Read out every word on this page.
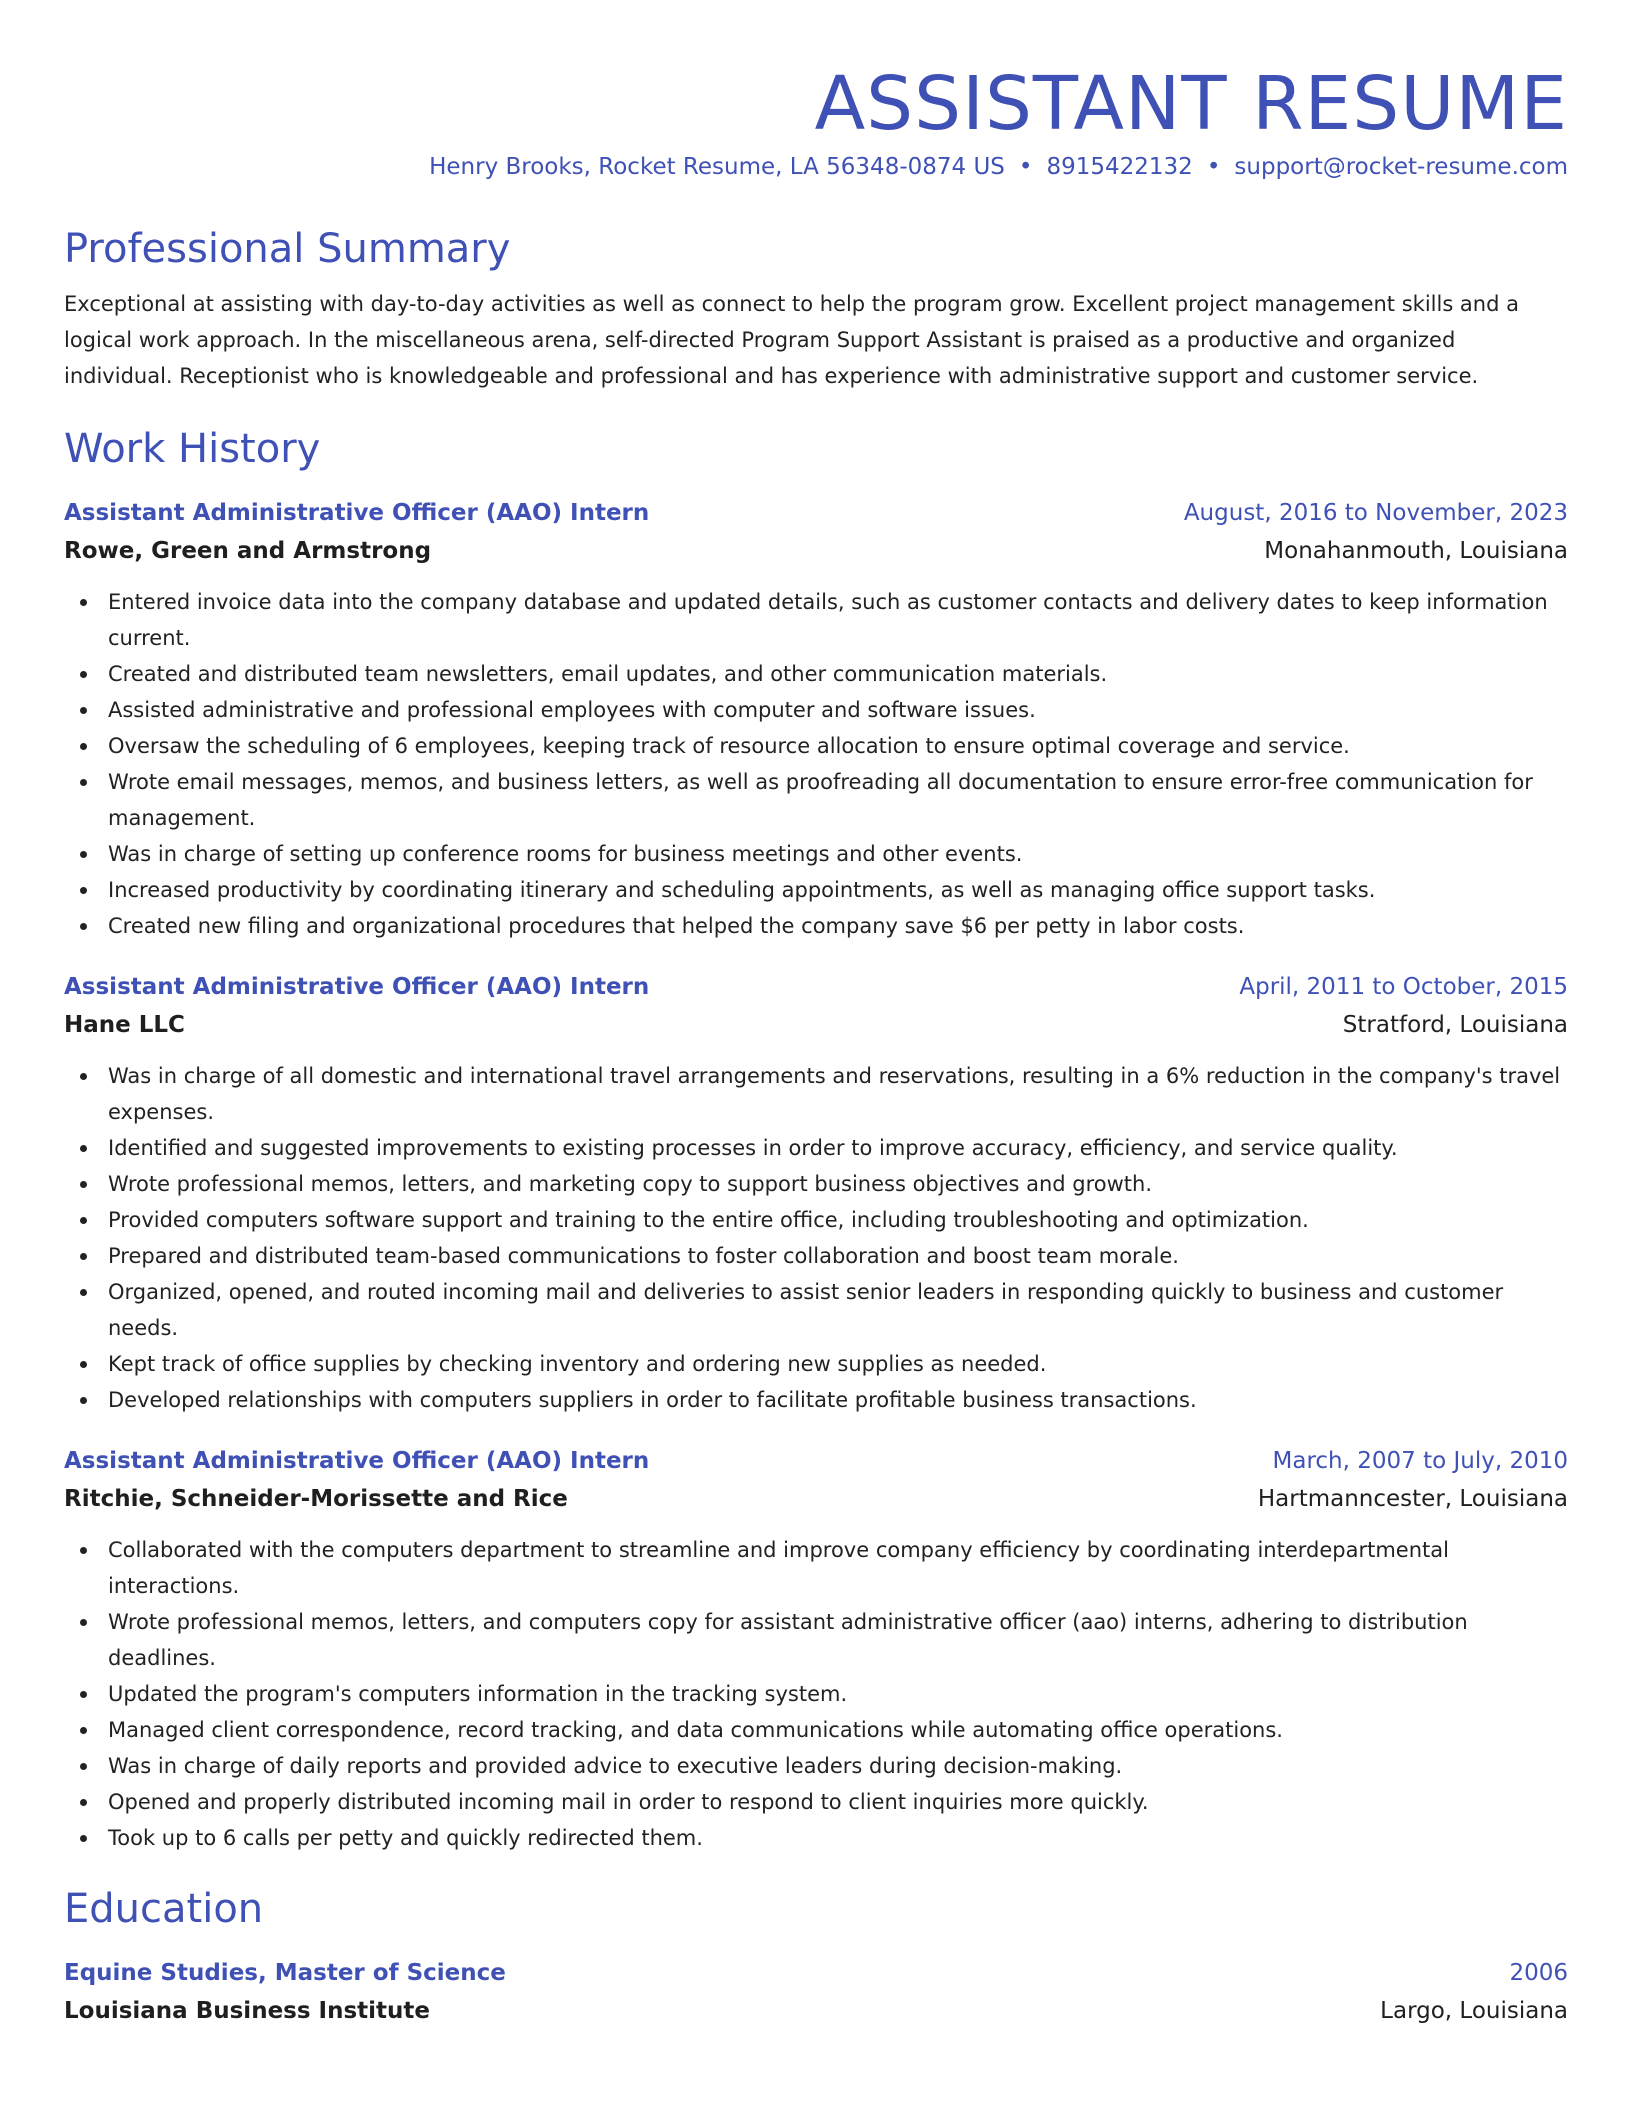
ASSISTANT RESUME
Henry Brooks, Rocket Resume, LA 56348-0874 US • 8915422132 • support@rocket-resume.com
Professional Summary

Exceptional at assisting with day-to-day activities as well as connect to help the program grow. Excellent project management skills and a logical work approach. In the miscellaneous arena, self-directed Program Support Assistant is praised as a productive and organized individual. Receptionist who is knowledgeable and professional and has experience with administrative support and customer service.

Work History
Assistant Administrative Officer (AAO) Intern	August, 2016 to November, 2023
Rowe, Green and Armstrong	Monahanmouth, Louisiana
Entered invoice data into the company database and updated details, such as customer contacts and delivery dates to keep information current.
Created and distributed team newsletters, email updates, and other communication materials.
Assisted administrative and professional employees with computer and software issues.
Oversaw the scheduling of 6 employees, keeping track of resource allocation to ensure optimal coverage and service.
Wrote email messages, memos, and business letters, as well as proofreading all documentation to ensure error-free communication for management.
Was in charge of setting up conference rooms for business meetings and other events.
Increased productivity by coordinating itinerary and scheduling appointments, as well as managing office support tasks.
Created new filing and organizational procedures that helped the company save $6 per petty in labor costs.
Assistant Administrative Officer (AAO) Intern	April, 2011 to October, 2015
Hane LLC	Stratford, Louisiana
Was in charge of all domestic and international travel arrangements and reservations, resulting in a 6% reduction in the company's travel expenses.
Identified and suggested improvements to existing processes in order to improve accuracy, efficiency, and service quality.
Wrote professional memos, letters, and marketing copy to support business objectives and growth.
Provided computers software support and training to the entire office, including troubleshooting and optimization.
Prepared and distributed team-based communications to foster collaboration and boost team morale.
Organized, opened, and routed incoming mail and deliveries to assist senior leaders in responding quickly to business and customer needs.
Kept track of office supplies by checking inventory and ordering new supplies as needed.
Developed relationships with computers suppliers in order to facilitate profitable business transactions.
Assistant Administrative Officer (AAO) Intern	March, 2007 to July, 2010
Ritchie, Schneider-Morissette and Rice	Hartmanncester, Louisiana
Collaborated with the computers department to streamline and improve company efficiency by coordinating interdepartmental interactions.
Wrote professional memos, letters, and computers copy for assistant administrative officer (aao) interns, adhering to distribution deadlines.
Updated the program's computers information in the tracking system.
Managed client correspondence, record tracking, and data communications while automating office operations.
Was in charge of daily reports and provided advice to executive leaders during decision-making.
Opened and properly distributed incoming mail in order to respond to client inquiries more quickly.
Took up to 6 calls per petty and quickly redirected them.
Education
Equine Studies, Master of Science	2006
Louisiana Business Institute	Largo, Louisiana
